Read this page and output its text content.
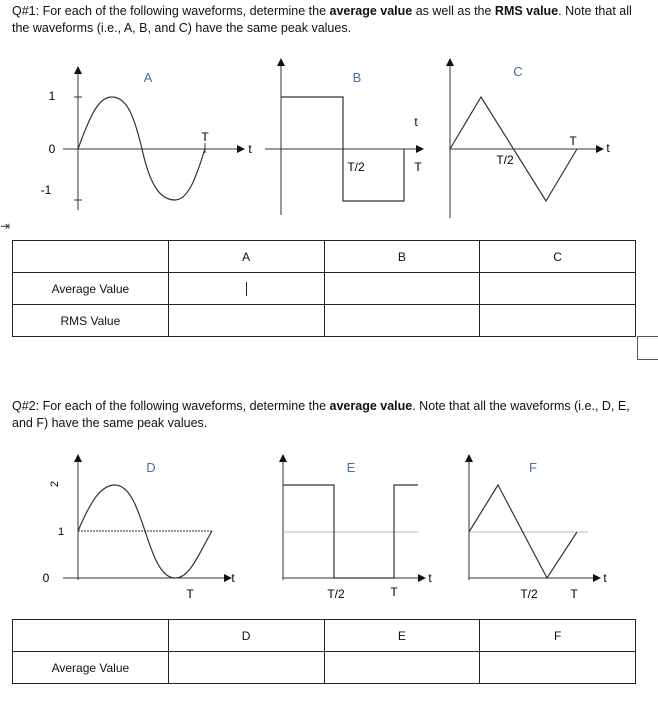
Q#1: For each of the following waveforms, determine the average value as well as the RMS value. Note that all the waveforms (i.e., A, B, and C) have the same peak values.
1
0
-1
A
T
t
B
T/2	T
t
C
T/2
T t
⇥
	A	B	C
Average Value			
RMS Value			
Q#2: For each of the following waveforms, determine the average value. Note that all the waveforms (i.e., D, E, and F) have the same peak values.
2
1
0
D
T
t
E
T/2	T
t
F
T/2	T
t
	D	E	F
Average Value			
